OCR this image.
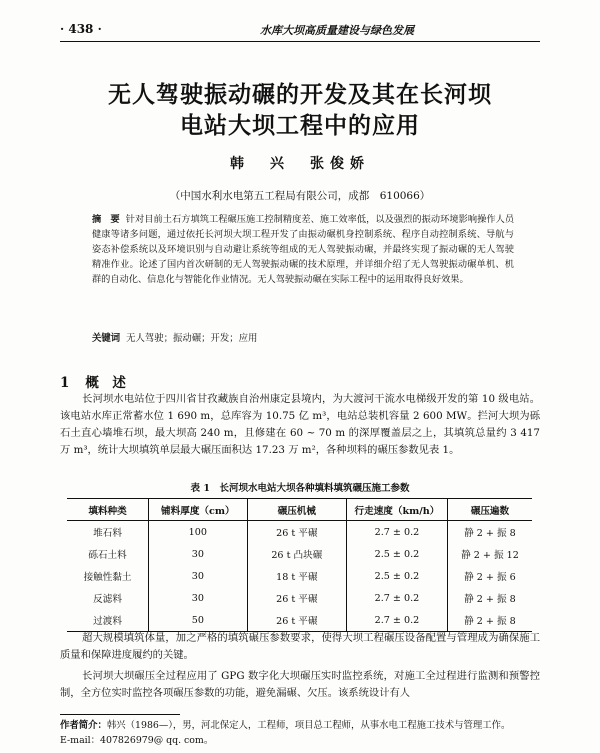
· 438 ·	水库大坝高质量建设与绿色发展
无人驾驶振动碾的开发及其在长河坝
电站大坝工程中的应用
韩　兴　张俊娇
（中国水利水电第五工程局有限公司，成都　610066）
摘　要 针对目前土石方填筑工程碾压施工控制精度差、施工效率低，以及强烈的振动环境影响操作人员健康等诸多问题，通过依托长河坝大坝工程开发了由振动碾机身控制系统、程序自动控制系统、导航与姿态补偿系统以及环境识别与自动避让系统等组成的无人驾驶振动碾，并最终实现了振动碾的无人驾驶精准作业。论述了国内首次研制的无人驾驶振动碾的技术原理，并详细介绍了无人驾驶振动碾单机、机群的自动化、信息化与智能化作业情况。无人驾驶振动碾在实际工程中的运用取得良好效果。
关键词 无人驾驶；振动碾；开发；应用
1 概　述
长河坝水电站位于四川省甘孜藏族自治州康定县境内，为大渡河干流水电梯级开发的第 10 级电站。该电站水库正常蓄水位 1 690 m，总库容为 10.75 亿 m³，电站总装机容量 2 600 MW。拦河大坝为砾石土直心墙堆石坝，最大坝高 240 m，且修建在 60 ~ 70 m 的深厚覆盖层之上，其填筑总量约 3 417 万 m³，统计大坝填筑单层最大碾压面积达 17.23 万 m²，各种坝料的碾压参数见表 1。
表 1　长河坝水电站大坝各种填料填筑碾压施工参数
填料种类	铺料厚度（cm）	碾压机械	行走速度（km/h）	碾压遍数
堆石料	100	26 t 平碾	2.7 ± 0.2	静 2 + 振 8
砾石土料	30	26 t 凸块碾	2.5 ± 0.2	静 2 + 振 12
接触性黏土	30	18 t 平碾	2.5 ± 0.2	静 2 + 振 6
反滤料	30	26 t 平碾	2.7 ± 0.2	静 2 + 振 8
过渡料	50	26 t 平碾	2.7 ± 0.2	静 2 + 振 8
超大规模填筑体量，加之严格的填筑碾压参数要求，使得大坝工程碾压设备配置与管理成为确保施工质量和保障进度履约的关键。
长河坝大坝碾压全过程应用了 GPG 数字化大坝碾压实时监控系统，对施工全过程进行监测和预警控制，全方位实时监控各项碾压参数的功能，避免漏碾、欠压。该系统设计有人
作者简介：韩兴（1986—），男，河北保定人，工程师，项目总工程师，从事水电工程施工技术与管理工作。
E-mail：407826979@ qq. com。
